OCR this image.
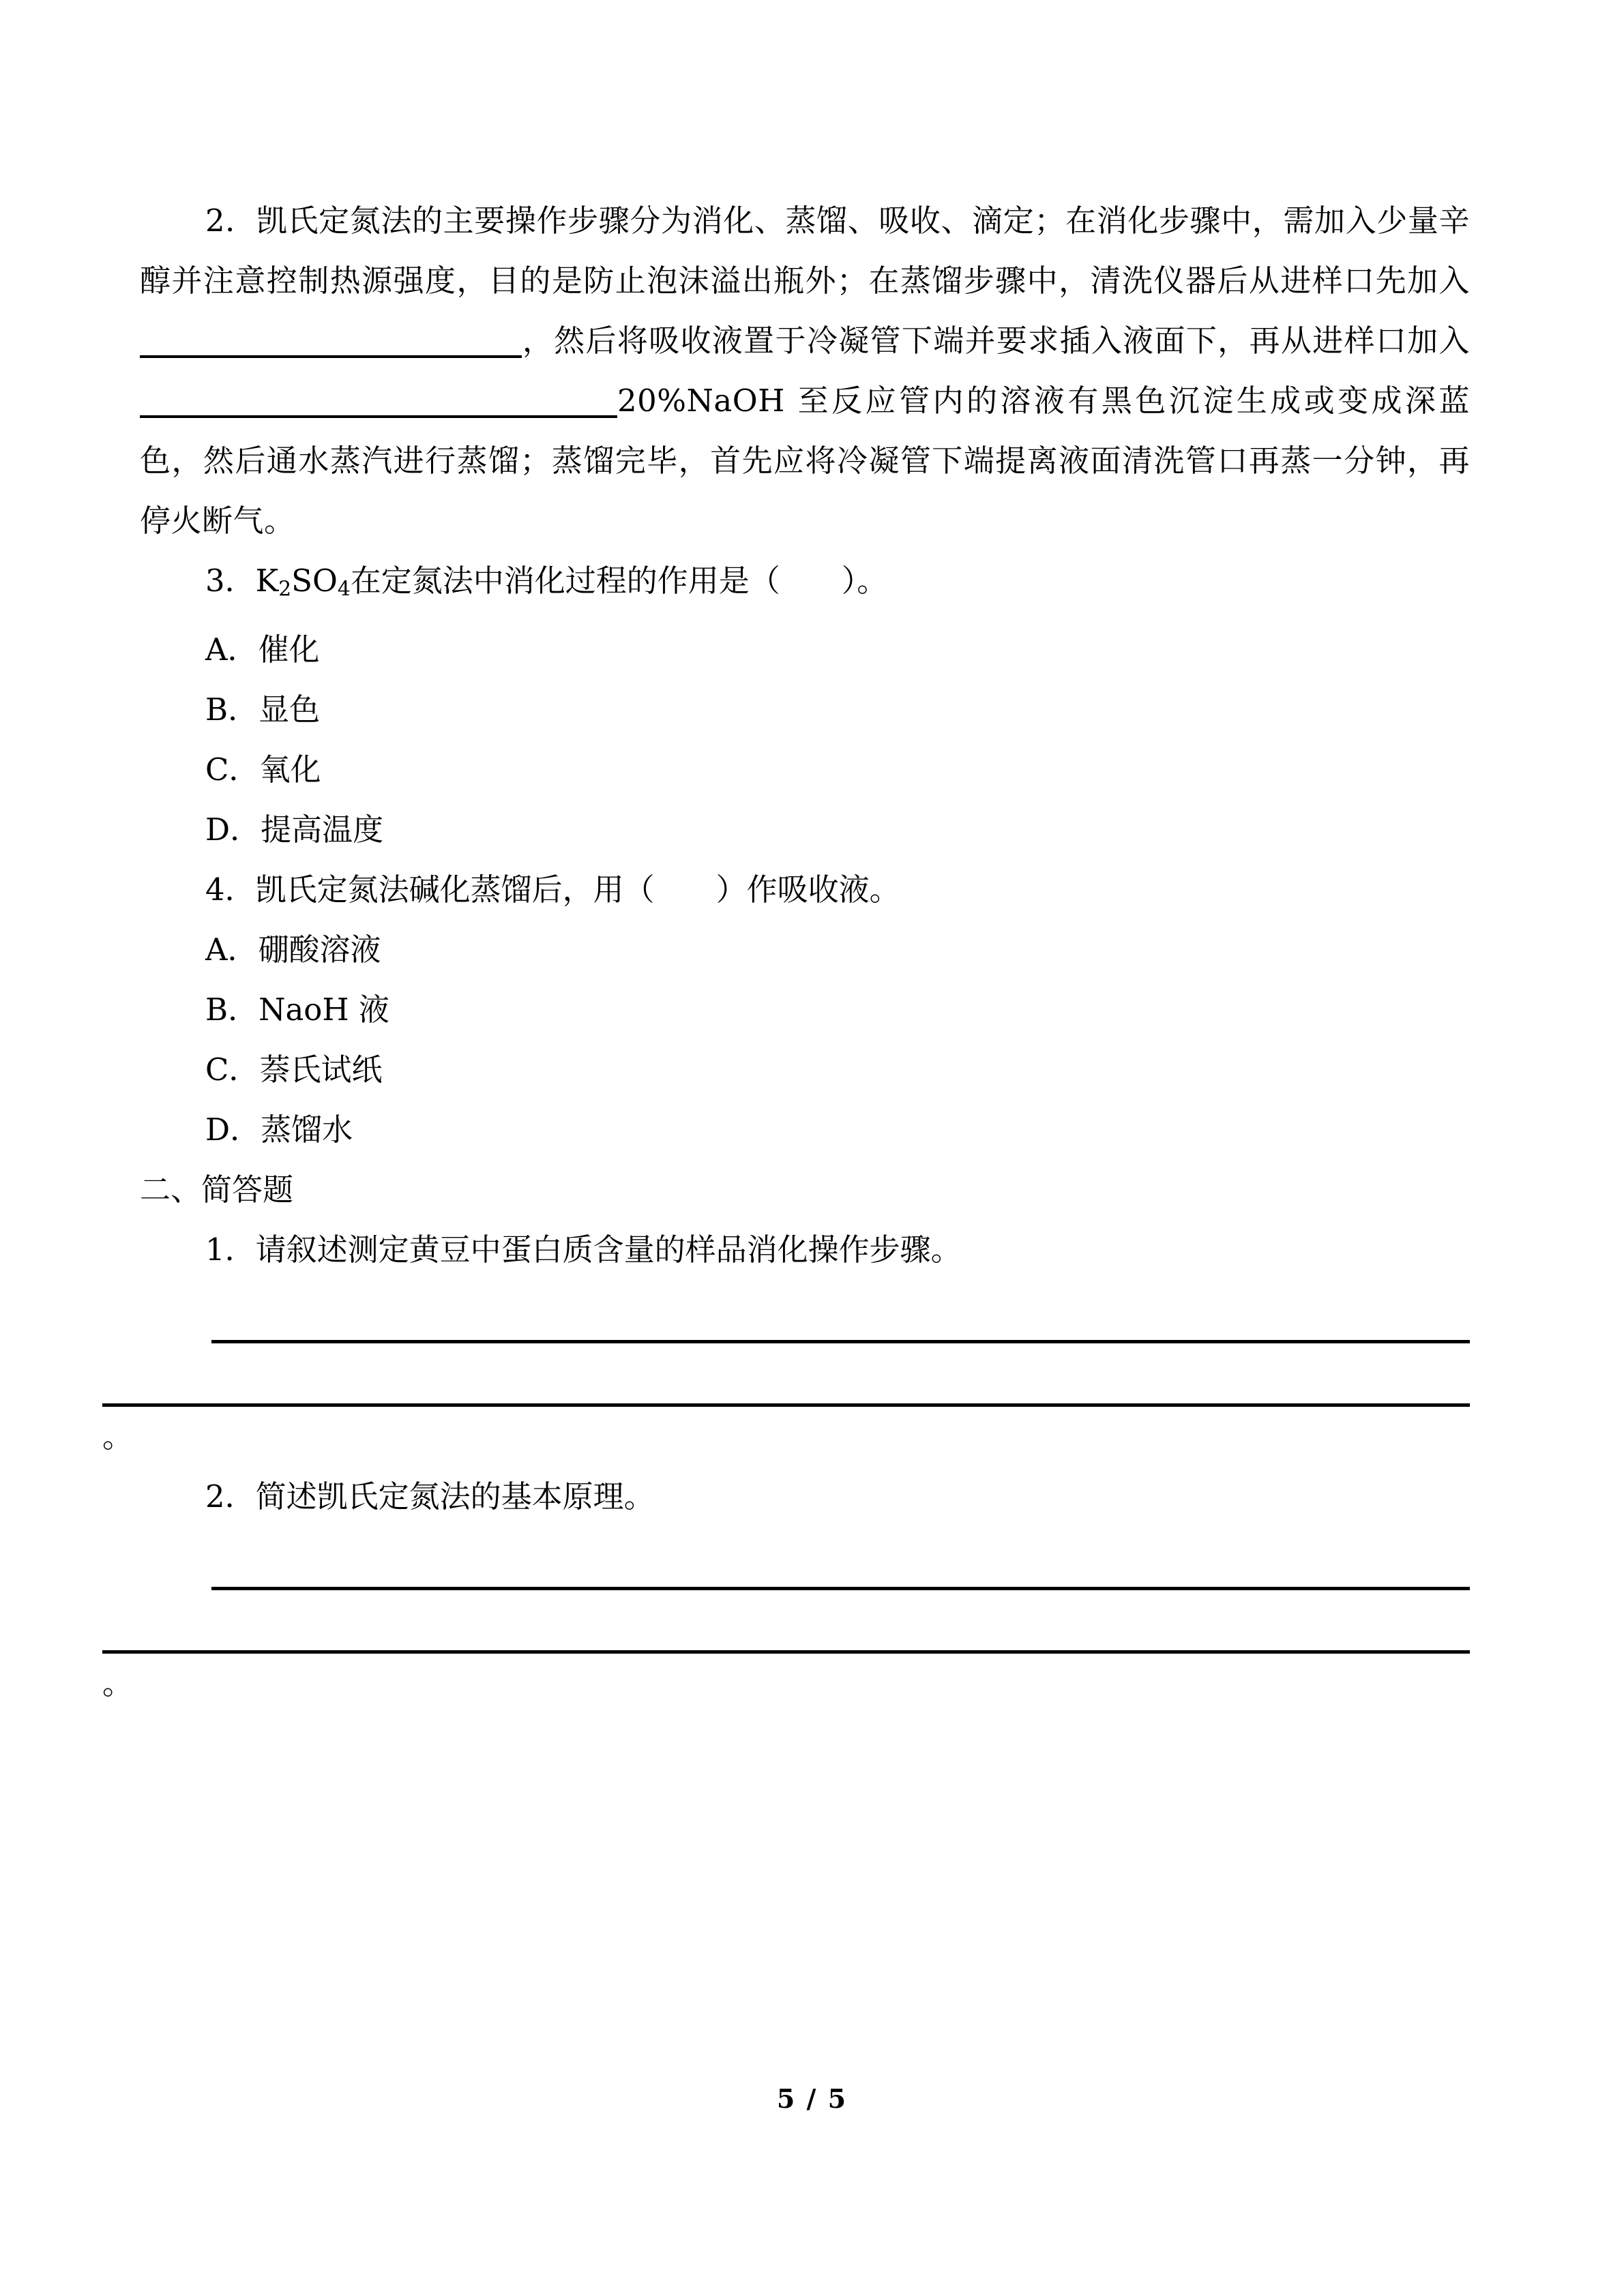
2．凯氏定氮法的主要操作步骤分为消化、蒸馏、吸收、滴定；在消化步骤中，需加入少量辛醇并注意控制热源强度，目的是防止泡沫溢出瓶外；在蒸馏步骤中，清洗仪器后从进样口先加入，然后将吸收液置于冷凝管下端并要求插入液面下，再从进样口加入20%NaOH 至反应管内的溶液有黑色沉淀生成或变成深蓝色，然后通水蒸汽进行蒸馏；蒸馏完毕，首先应将冷凝管下端提离液面清洗管口再蒸一分钟，再停火断气。

3．$K_2SO_4$在定氮法中消化过程的作用是（　　）。

A．催化

B．显色

C．氧化

D．提高温度

4．凯氏定氮法碱化蒸馏后，用（　　）作吸收液。

A．硼酸溶液

B．NaoH 液

C．萘氏试纸

D．蒸馏水

二、简答题

1．请叙述测定黄豆中蛋白质含量的样品消化操作步骤。

。

2．简述凯氏定氮法的基本原理。

。

5 / 5
